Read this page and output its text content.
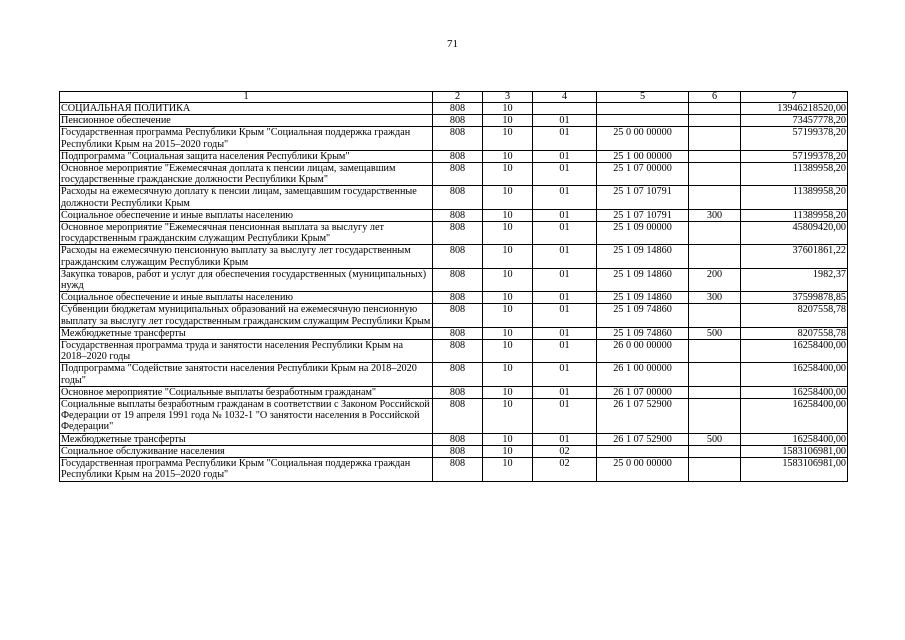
71
1	2	3	4	5	6	7
СОЦИАЛЬНАЯ ПОЛИТИКА	808	10				13946218520,00
Пенсионное обеспечение	808	10	01			73457778,20
Государственная программа Республики Крым "Социальная поддержка граждан Республики Крым на 2015–2020 годы"	808	10	01	25 0 00 00000		57199378,20
Подпрограмма "Социальная защита населения Республики Крым"	808	10	01	25 1 00 00000		57199378,20
Основное мероприятие "Ежемесячная доплата к пенсии лицам, замещавшим государственные гражданские должности Республики Крым"	808	10	01	25 1 07 00000		11389958,20
Расходы на ежемесячную доплату к пенсии лицам, замещавшим государственные должности Республики Крым	808	10	01	25 1 07 10791		11389958,20
Социальное обеспечение и иные выплаты населению	808	10	01	25 1 07 10791	300	11389958,20
Основное мероприятие "Ежемесячная пенсионная выплата за выслугу лет государственным гражданским служащим Республики Крым"	808	10	01	25 1 09 00000		45809420,00
Расходы на ежемесячную пенсионную выплату за выслугу лет государственным гражданским служащим Республики Крым	808	10	01	25 1 09 14860		37601861,22
Закупка товаров, работ и услуг для обеспечения государственных (муниципальных) нужд	808	10	01	25 1 09 14860	200	1982,37
Социальное обеспечение и иные выплаты населению	808	10	01	25 1 09 14860	300	37599878,85
Субвенции бюджетам муниципальных образований на ежемесячную пенсионную выплату за выслугу лет государственным гражданским служащим Республики Крым	808	10	01	25 1 09 74860		8207558,78
Межбюджетные трансферты	808	10	01	25 1 09 74860	500	8207558,78
Государственная программа труда и занятости населения Республики Крым на 2018–2020 годы	808	10	01	26 0 00 00000		16258400,00
Подпрограмма "Содействие занятости населения Республики Крым на 2018–2020 годы"	808	10	01	26 1 00 00000		16258400,00
Основное мероприятие "Социальные выплаты безработным гражданам"	808	10	01	26 1 07 00000		16258400,00
Социальные выплаты безработным гражданам в соответствии с Законом Российской Федерации от 19 апреля 1991 года № 1032-1 "О занятости населения в Российской Федерации"	808	10	01	26 1 07 52900		16258400,00
Межбюджетные трансферты	808	10	01	26 1 07 52900	500	16258400,00
Социальное обслуживание населения	808	10	02			1583106981,00
Государственная программа Республики Крым "Социальная поддержка граждан Республики Крым на 2015–2020 годы"	808	10	02	25 0 00 00000		1583106981,00
